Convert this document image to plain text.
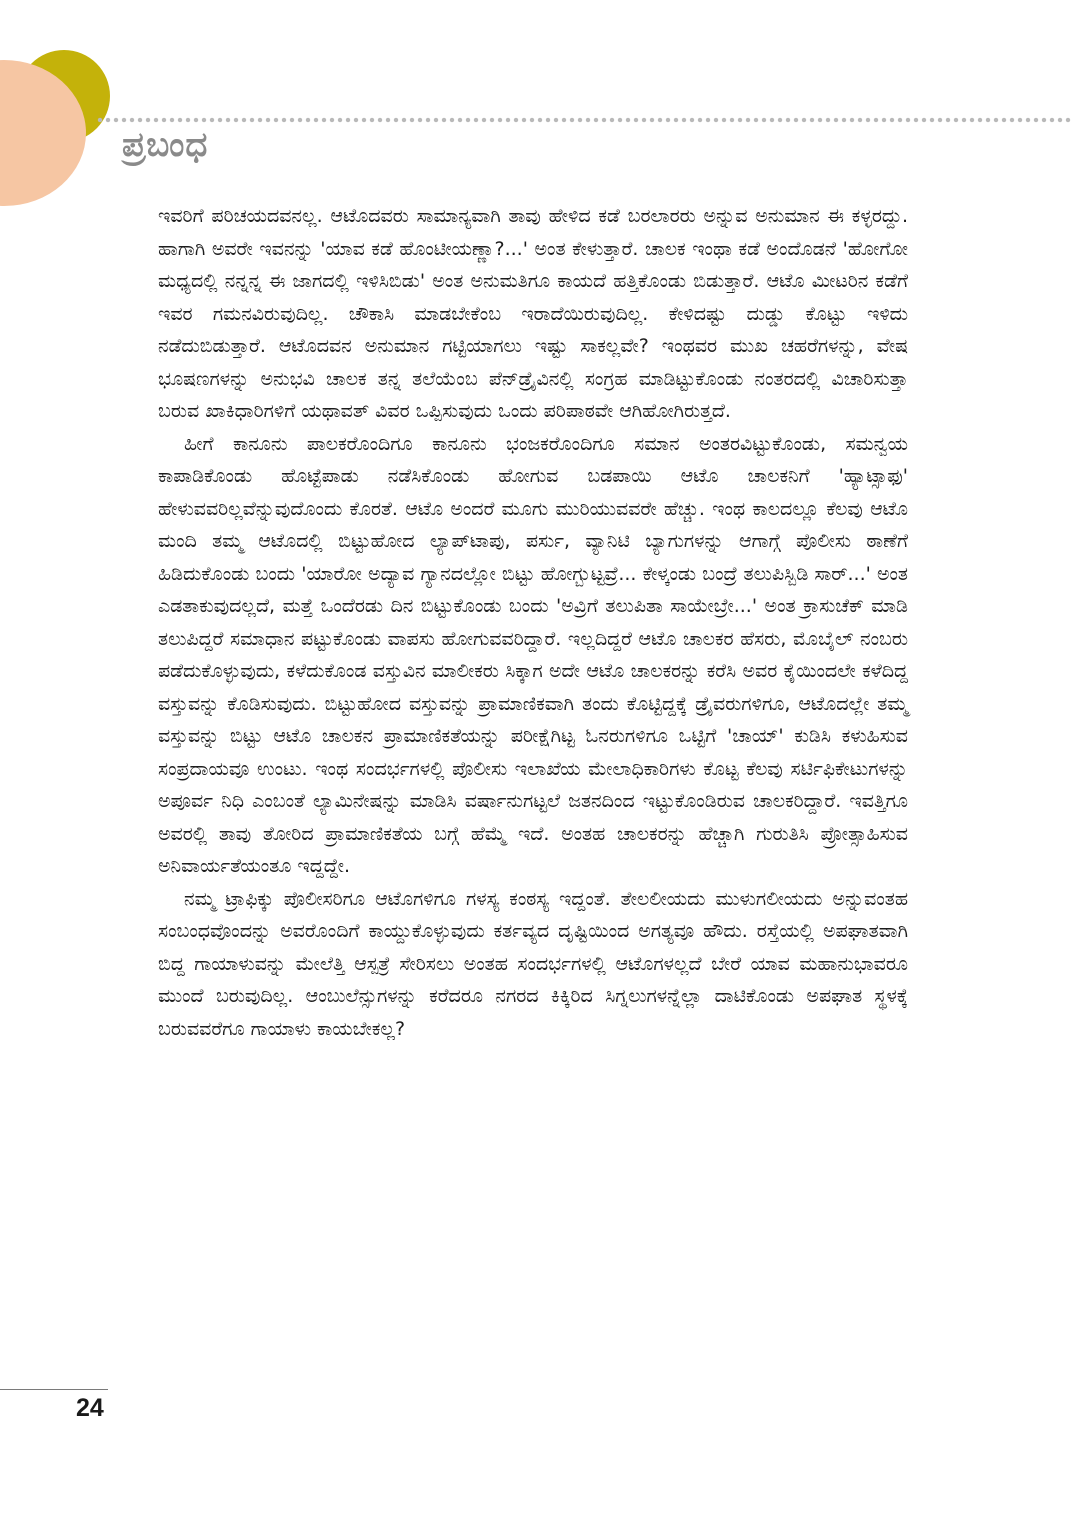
ಪ್ರಬಂಧ

ಇವರಿಗೆ ಪರಿಚಯದವನಲ್ಲ. ಆಟೊದವರು ಸಾಮಾನ್ಯವಾಗಿ ತಾವು ಹೇಳಿದ ಕಡೆ ಬರಲಾರರು ಅನ್ನುವ ಅನುಮಾನ ಈ ಕಳ್ಳರದ್ದು. ಹಾಗಾಗಿ ಅವರೇ ಇವನನ್ನು 'ಯಾವ ಕಡೆ ಹೊಂಟೀಯಣ್ಣಾ?...' ಅಂತ ಕೇಳುತ್ತಾರೆ. ಚಾಲಕ ಇಂಥಾ ಕಡೆ ಅಂದೊಡನೆ 'ಹೋಗೋ ಮಧ್ಯದಲ್ಲಿ ನನ್ನನ್ನ ಈ ಜಾಗದಲ್ಲಿ ಇಳಿಸಿಬಿಡು' ಅಂತ ಅನುಮತಿಗೂ ಕಾಯದೆ ಹತ್ತಿಕೊಂಡು ಬಿಡುತ್ತಾರೆ. ಆಟೊ ಮೀಟರಿನ ಕಡೆಗೆ ಇವರ ಗಮನವಿರುವುದಿಲ್ಲ. ಚೌಕಾಸಿ ಮಾಡಬೇಕೆಂಬ ಇರಾದೆಯಿರುವುದಿಲ್ಲ. ಕೇಳಿದಷ್ಟು ದುಡ್ಡು ಕೊಟ್ಟು ಇಳಿದು ನಡೆದುಬಿಡುತ್ತಾರೆ. ಆಟೊದವನ ಅನುಮಾನ ಗಟ್ಟಿಯಾಗಲು ಇಷ್ಟು ಸಾಕಲ್ಲವೇ? ಇಂಥವರ ಮುಖ ಚಹರೆಗಳನ್ನು, ವೇಷ ಭೂಷಣಗಳನ್ನು ಅನುಭವಿ ಚಾಲಕ ತನ್ನ ತಲೆಯೆಂಬ ಪೆನ್‌ಡ್ರೈವಿನಲ್ಲಿ ಸಂಗ್ರಹ ಮಾಡಿಟ್ಟುಕೊಂಡು ನಂತರದಲ್ಲಿ ವಿಚಾರಿಸುತ್ತಾ ಬರುವ ಖಾಕಿಧಾರಿಗಳಿಗೆ ಯಥಾವತ್ ವಿವರ ಒಪ್ಪಿಸುವುದು ಒಂದು ಪರಿಪಾಠವೇ ಆಗಿಹೋಗಿರುತ್ತದೆ.

ಹೀಗೆ ಕಾನೂನು ಪಾಲಕರೊಂದಿಗೂ ಕಾನೂನು ಭಂಜಕರೊಂದಿಗೂ ಸಮಾನ ಅಂತರವಿಟ್ಟುಕೊಂಡು, ಸಮನ್ವಯ ಕಾಪಾಡಿಕೊಂಡು ಹೊಟ್ಟೆಪಾಡು ನಡೆಸಿಕೊಂಡು ಹೋಗುವ ಬಡಪಾಯಿ ಆಟೊ ಚಾಲಕನಿಗೆ 'ಹ್ಯಾಟ್ಸಾಫು' ಹೇಳುವವರಿಲ್ಲವೆನ್ನುವುದೊಂದು ಕೊರತೆ. ಆಟೊ ಅಂದರೆ ಮೂಗು ಮುರಿಯುವವರೇ ಹೆಚ್ಚು. ಇಂಥ ಕಾಲದಲ್ಲೂ ಕೆಲವು ಆಟೊ ಮಂದಿ ತಮ್ಮ ಆಟೊದಲ್ಲಿ ಬಿಟ್ಟುಹೋದ ಲ್ಯಾಪ್‌ಟಾಪು, ಪರ್ಸು, ವ್ಯಾನಿಟಿ ಬ್ಯಾಗುಗಳನ್ನು ಆಗಾಗ್ಗೆ ಪೊಲೀಸು ಠಾಣೆಗೆ ಹಿಡಿದುಕೊಂಡು ಬಂದು 'ಯಾರೋ ಅದ್ಯಾವ ಗ್ಯಾನದಲ್ಲೋ ಬಿಟ್ಟು ಹೋಗ್ಬುಟ್ಟವ್ರೆ... ಕೇಳ್ಕಂಡು ಬಂದ್ರೆ ತಲುಪಿಸ್ಬಿಡಿ ಸಾರ್...' ಅಂತ ಎಡತಾಕುವುದಲ್ಲದೆ, ಮತ್ತೆ ಒಂದೆರಡು ದಿನ ಬಿಟ್ಟುಕೊಂಡು ಬಂದು 'ಅವ್ರಿಗೆ ತಲುಪಿತಾ ಸಾಯೇಬ್ರೇ...' ಅಂತ ಕ್ರಾಸುಚೆಕ್ ಮಾಡಿ ತಲುಪಿದ್ದರೆ ಸಮಾಧಾನ ಪಟ್ಟುಕೊಂಡು ವಾಪಸು ಹೋಗುವವರಿದ್ದಾರೆ. ಇಲ್ಲದಿದ್ದರೆ ಆಟೊ ಚಾಲಕರ ಹೆಸರು, ಮೊಬೈಲ್ ನಂಬರು ಪಡೆದುಕೊಳ್ಳುವುದು, ಕಳೆದುಕೊಂಡ ವಸ್ತುವಿನ ಮಾಲೀಕರು ಸಿಕ್ಕಾಗ ಅದೇ ಆಟೊ ಚಾಲಕರನ್ನು ಕರೆಸಿ ಅವರ ಕೈಯಿಂದಲೇ ಕಳೆದಿದ್ದ ವಸ್ತುವನ್ನು ಕೊಡಿಸುವುದು. ಬಿಟ್ಟುಹೋದ ವಸ್ತುವನ್ನು ಪ್ರಾಮಾಣಿಕವಾಗಿ ತಂದು ಕೊಟ್ಟಿದ್ದಕ್ಕೆ ಡ್ರೈವರುಗಳಿಗೂ, ಆಟೊದಲ್ಲೇ ತಮ್ಮ ವಸ್ತುವನ್ನು ಬಿಟ್ಟು ಆಟೊ ಚಾಲಕನ ಪ್ರಾಮಾಣಿಕತೆಯನ್ನು ಪರೀಕ್ಷೆಗಿಟ್ಟ ಓನರುಗಳಿಗೂ ಒಟ್ಟಿಗೆ 'ಚಾಯ್' ಕುಡಿಸಿ ಕಳುಹಿಸುವ ಸಂಪ್ರದಾಯವೂ ಉಂಟು. ಇಂಥ ಸಂದರ್ಭಗಳಲ್ಲಿ ಪೊಲೀಸು ಇಲಾಖೆಯ ಮೇಲಾಧಿಕಾರಿಗಳು ಕೊಟ್ಟ ಕೆಲವು ಸರ್ಟಿಫಿಕೇಟುಗಳನ್ನು ಅಪೂರ್ವ ನಿಧಿ ಎಂಬಂತೆ ಲ್ಯಾಮಿನೇಷನ್ನು ಮಾಡಿಸಿ ವರ್ಷಾನುಗಟ್ಟಲೆ ಜತನದಿಂದ ಇಟ್ಟುಕೊಂಡಿರುವ ಚಾಲಕರಿದ್ದಾರೆ. ಇವತ್ತಿಗೂ ಅವರಲ್ಲಿ ತಾವು ತೋರಿದ ಪ್ರಾಮಾಣಿಕತೆಯ ಬಗ್ಗೆ ಹೆಮ್ಮೆ ಇದೆ. ಅಂತಹ ಚಾಲಕರನ್ನು ಹೆಚ್ಚಾಗಿ ಗುರುತಿಸಿ ಪ್ರೋತ್ಸಾಹಿಸುವ ಅನಿವಾರ್ಯತೆಯಂತೂ ಇದ್ದದ್ದೇ.

ನಮ್ಮ ಟ್ರಾಫಿಕ್ಕು ಪೊಲೀಸರಿಗೂ ಆಟೊಗಳಿಗೂ ಗಳಸ್ಯ ಕಂಠಸ್ಯ ಇದ್ದಂತೆ. ತೇಲಲೀಯದು ಮುಳುಗಲೀಯದು ಅನ್ನುವಂತಹ ಸಂಬಂಧವೊಂದನ್ನು ಅವರೊಂದಿಗೆ ಕಾಯ್ದುಕೊಳ್ಳುವುದು ಕರ್ತವ್ಯದ ದೃಷ್ಟಿಯಿಂದ ಅಗತ್ಯವೂ ಹೌದು. ರಸ್ತೆಯಲ್ಲಿ ಅಪಘಾತವಾಗಿ ಬಿದ್ದ ಗಾಯಾಳುವನ್ನು ಮೇಲೆತ್ತಿ ಆಸ್ಪತ್ರೆ ಸೇರಿಸಲು ಅಂತಹ ಸಂದರ್ಭಗಳಲ್ಲಿ ಆಟೊಗಳಲ್ಲದೆ ಬೇರೆ ಯಾವ ಮಹಾನುಭಾವರೂ ಮುಂದೆ ಬರುವುದಿಲ್ಲ. ಆಂಬುಲೆನ್ಸುಗಳನ್ನು ಕರೆದರೂ ನಗರದ ಕಿಕ್ಕಿರಿದ ಸಿಗ್ನಲುಗಳನ್ನೆಲ್ಲಾ ದಾಟಿಕೊಂಡು ಅಪಘಾತ ಸ್ಥಳಕ್ಕೆ ಬರುವವರೆಗೂ ಗಾಯಾಳು ಕಾಯಬೇಕಲ್ಲ?

24
